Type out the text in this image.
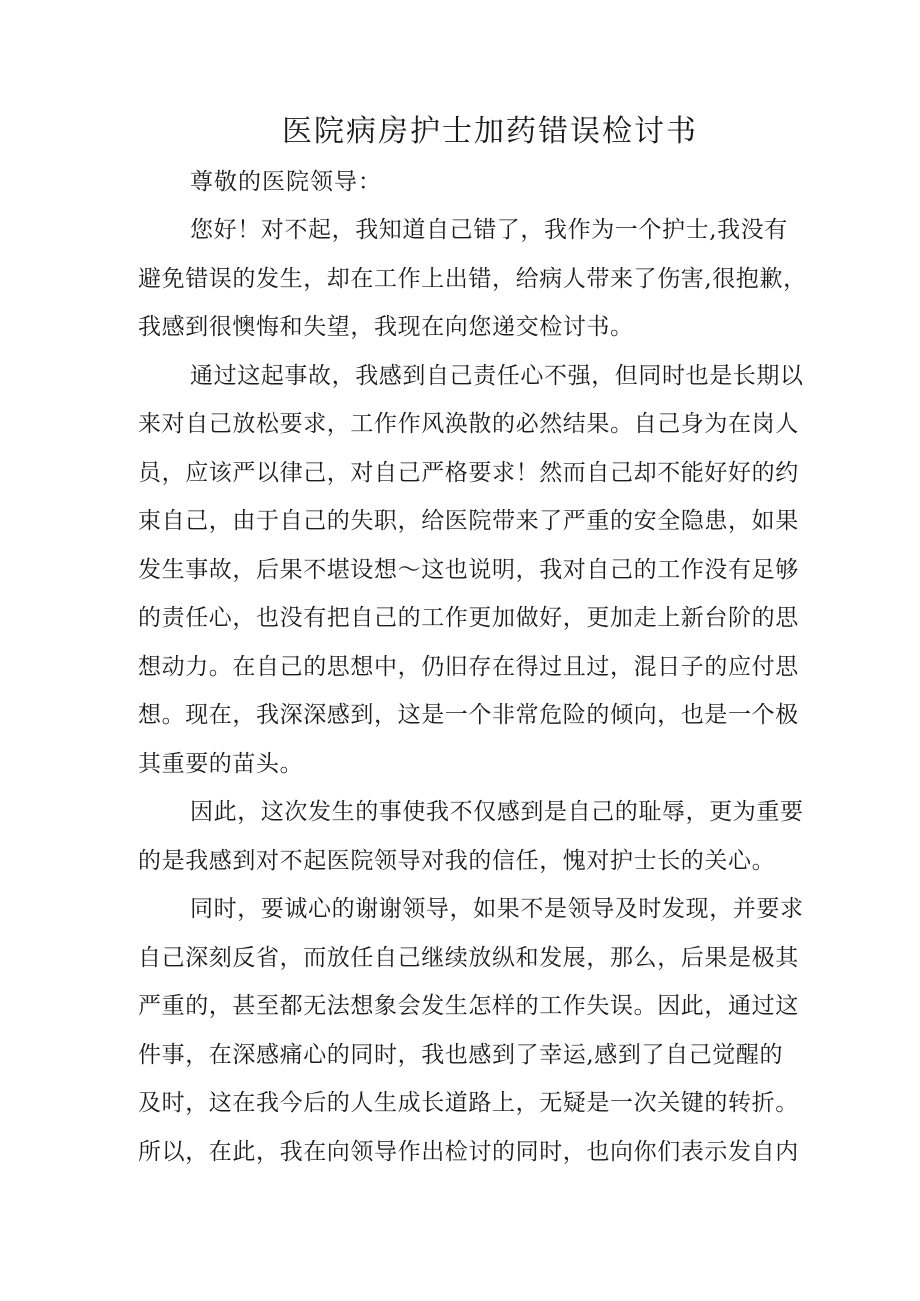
医院病房护士加药错误检讨书
尊敬的医院领导：
您好！对不起，我知道自己错了，我作为一个护士,我没有
避免错误的发生，却在工作上出错，给病人带来了伤害,很抱歉，
我感到很懊悔和失望，我现在向您递交检讨书。
通过这起事故，我感到自己责任心不强，但同时也是长期以
来对自己放松要求，工作作风涣散的必然结果。自己身为在岗人
员，应该严以律己，对自己严格要求！然而自己却不能好好的约
束自己，由于自己的失职，给医院带来了严重的安全隐患，如果
发生事故，后果不堪设想～这也说明，我对自己的工作没有足够
的责任心，也没有把自己的工作更加做好，更加走上新台阶的思
想动力。在自己的思想中，仍旧存在得过且过，混日子的应付思
想。现在，我深深感到，这是一个非常危险的倾向，也是一个极
其重要的苗头。
因此，这次发生的事使我不仅感到是自己的耻辱，更为重要
的是我感到对不起医院领导对我的信任，愧对护士长的关心。
同时，要诚心的谢谢领导，如果不是领导及时发现，并要求
自己深刻反省，而放任自己继续放纵和发展，那么，后果是极其
严重的，甚至都无法想象会发生怎样的工作失误。因此，通过这
件事，在深感痛心的同时，我也感到了幸运,感到了自己觉醒的
及时，这在我今后的人生成长道路上，无疑是一次关键的转折。
所以，在此，我在向领导作出检讨的同时，也向你们表示发自内
